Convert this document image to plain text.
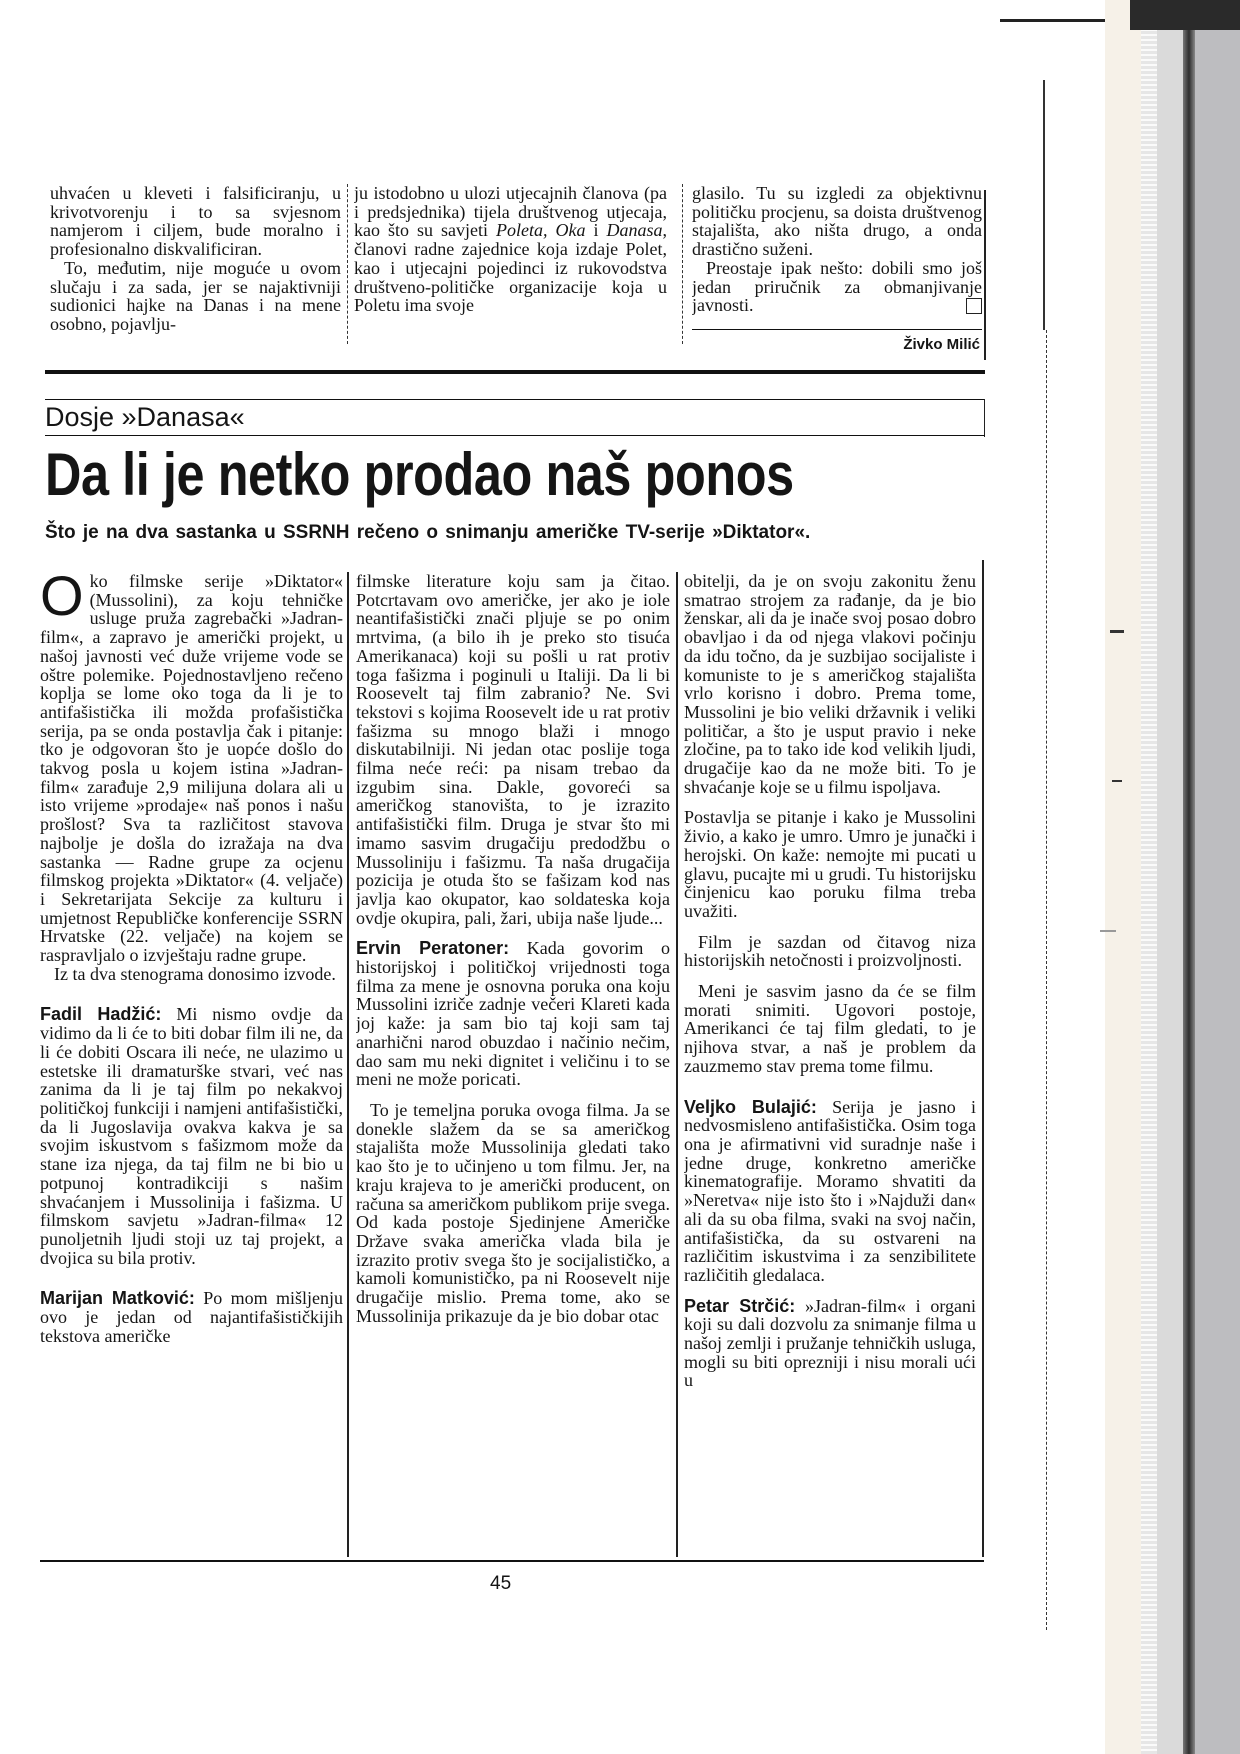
uhvaćen u kleveti i falsificiranju, u krivotvorenju i to sa svjesnom namjerom i ciljem, bude moralno i profesionalno diskvalificiran.

To, međutim, nije moguće u ovom slučaju i za sada, jer se najaktivniji sudionici hajke na Danas i na mene osobno, pojavlju-

ju istodobno u ulozi utjecajnih članova (pa i predsjednika) tijela društvenog utjecaja, kao što su savjeti Poleta, Oka i Danasa, članovi radne zajednice koja izdaje Polet, kao i utjecajni pojedinci iz rukovodstva društveno-političke organizacije koja u Poletu ima svoje

glasilo. Tu su izgledi za objektivnu političku procjenu, sa doista društvenog stajališta, ako ništa drugo, a onda drastično suženi.

Preostaje ipak nešto: dobili smo još jedan priručnik za obmanjivanje javnosti.

Živko Milić
Dosje »Danasa«
Da li je netko prodao naš ponos
Što je na dva sastanka u SSRNH rečeno o snimanju američke TV-serije »Diktator«.

Oko filmske serije »Diktator« (Mussolini), za koju tehničke usluge pruža zagrebački »Jadran-film«, a zapravo je američki projekt, u našoj javnosti već duže vrijeme vode se oštre polemike. Pojednostavljeno rečeno koplja se lome oko toga da li je to antifašistička ili možda profašistička serija, pa se onda postavlja čak i pitanje: tko je odgovoran što je uopće došlo do takvog posla u kojem istina »Jadran-film« zarađuje 2,9 milijuna dolara ali u isto vrijeme »prodaje« naš ponos i našu prošlost? Sva ta različitost stavova najbolje je došla do izražaja na dva sastanka — Radne grupe za ocjenu filmskog projekta »Diktator« (4. veljače) i Sekretarijata Sekcije za kulturu i umjetnost Republičke konferencije SSRN Hrvatske (22. veljače) na kojem se raspravljalo o izvještaju radne grupe.

Iz ta dva stenograma donosimo izvode.

Fadil Hadžić: Mi nismo ovdje da vidimo da li će to biti dobar film ili ne, da li će dobiti Oscara ili neće, ne ulazimo u estetske ili dramaturške stvari, već nas zanima da li je taj film po nekakvoj političkoj funkciji i namjeni antifašistički, da li Jugoslavija ovakva kakva je sa svojim iskustvom s fašizmom može da stane iza njega, da taj film ne bi bio u potpunoj kontradikciji s našim shvaćanjem i Mussolinija i fašizma. U filmskom savjetu »Jadran-filma« 12 punoljetnih ljudi stoji uz taj projekt, a dvojica su bila protiv.

Marijan Matković: Po mom mišljenju ovo je jedan od najantifašističkijih tekstova američke

filmske literature koju sam ja čitao. Potcrtavam ovo američke, jer ako je iole neantifašistički znači pljuje se po onim mrtvima, (a bilo ih je preko sto tisuća Amerikanaca) koji su pošli u rat protiv toga fašizma i poginuli u Italiji. Da li bi Roosevelt taj film zabranio? Ne. Svi tekstovi s kojima Roosevelt ide u rat protiv fašizma su mnogo blaži i mnogo diskutabilniji. Ni jedan otac poslije toga filma neće reći: pa nisam trebao da izgubim sina. Dakle, govoreći sa američkog stanovišta, to je izrazito antifašistički film. Druga je stvar što mi imamo sasvim drugačiju predodžbu o Mussoliniju i fašizmu. Ta naša drugačija pozicija je otuda što se fašizam kod nas javlja kao okupator, kao soldateska koja ovdje okupira, pali, žari, ubija naše ljude...

Ervin Peratoner: Kada govorim o historijskoj i političkoj vrijednosti toga filma za mene je osnovna poruka ona koju Mussolini izriče zadnje večeri Klareti kada joj kaže: ja sam bio taj koji sam taj anarhični narod obuzdao i načinio nečim, dao sam mu neki dignitet i veličinu i to se meni ne može poricati.

To je temeljna poruka ovoga filma. Ja se donekle slažem da se sa američkog stajališta može Mussolinija gledati tako kao što je to učinjeno u tom filmu. Jer, na kraju krajeva to je američki producent, on računa sa američkom publikom prije svega. Od kada postoje Sjedinjene Američke Države svaka američka vlada bila je izrazito protiv svega što je socijalističko, a kamoli komunističko, pa ni Roosevelt nije drugačije mislio. Prema tome, ako se Mussolinija prikazuje da je bio dobar otac

obitelji, da je on svoju zakonitu ženu smatrao strojem za rađanje, da je bio ženskar, ali da je inače svoj posao dobro obavljao i da od njega vlakovi počinju da idu točno, da je suzbijao socijaliste i komuniste to je s američkog stajališta vrlo korisno i dobro. Prema tome, Mussolini je bio veliki državnik i veliki političar, a što je usput pravio i neke zločine, pa to tako ide kod velikih ljudi, drugačije kao da ne može biti. To je shvaćanje koje se u filmu ispoljava.

Postavlja se pitanje i kako je Mussolini živio, a kako je umro. Umro je junački i herojski. On kaže: nemojte mi pucati u glavu, pucajte mi u grudi. Tu historijsku činjenicu kao poruku filma treba uvažiti.

Film je sazdan od čitavog niza historijskih netočnosti i proizvoljnosti.

Meni je sasvim jasno da će se film morati snimiti. Ugovori postoje, Amerikanci će taj film gledati, to je njihova stvar, a naš je problem da zauzmemo stav prema tome filmu.

Veljko Bulajić: Serija je jasno i nedvosmisleno antifašistička. Osim toga ona je afirmativni vid suradnje naše i jedne druge, konkretno američke kinematografije. Moramo shvatiti da »Neretva« nije isto što i »Najduži dan« ali da su oba filma, svaki na svoj način, antifašistička, da su ostvareni na različitim iskustvima i za senzibilitete različitih gledalaca.

Petar Strčić: »Jadran-film« i organi koji su dali dozvolu za snimanje filma u našoj zemlji i pružanje tehničkih usluga, mogli su biti oprezniji i nisu morali ući u

45
